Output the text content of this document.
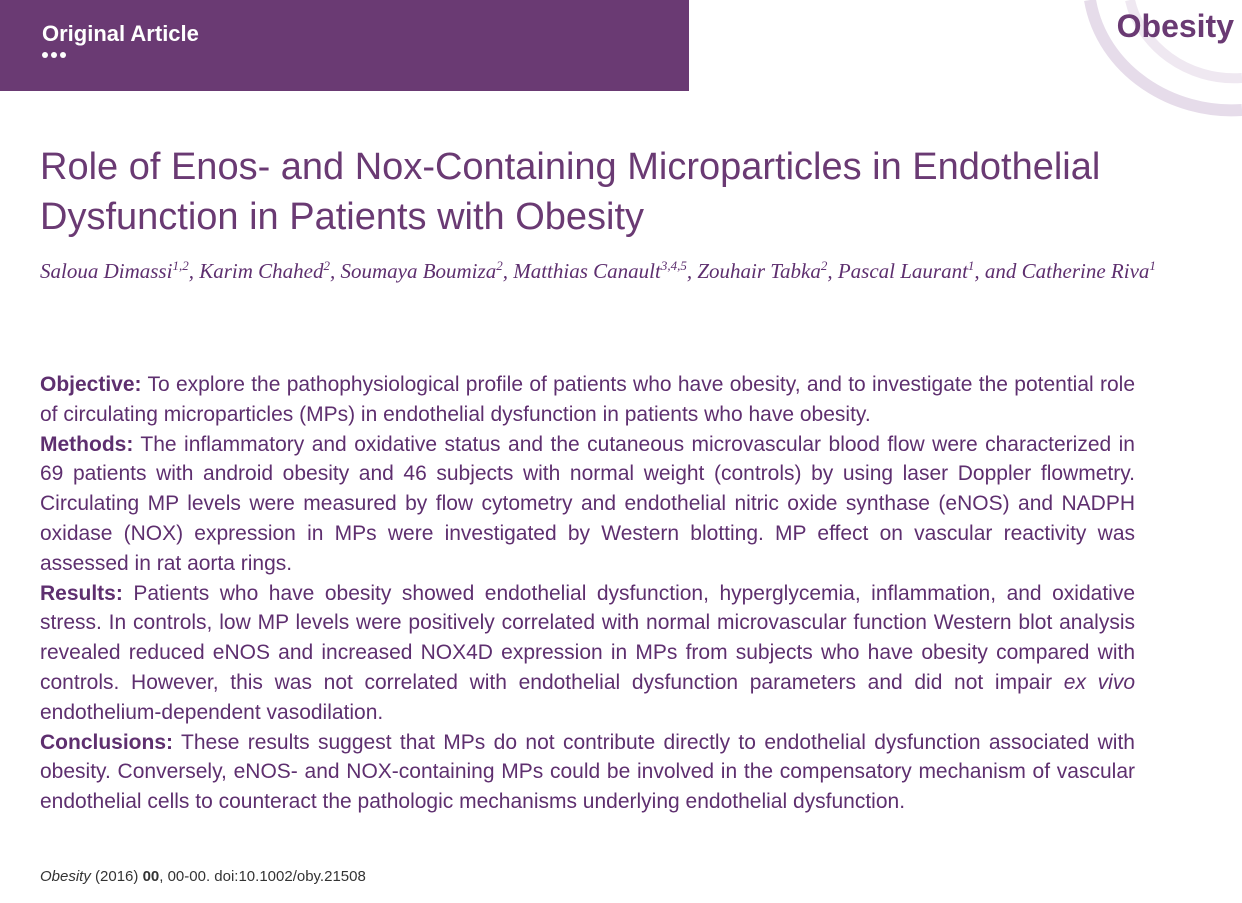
Original Article	Obesity
Role of Enos- and Nox-Containing Microparticles in Endothelial Dysfunction in Patients with Obesity

Saloua Dimassi$^{1,2}$, Karim Chahed$^2$, Soumaya Boumiza$^2$, Matthias Canault$^{3,4,5}$, Zouhair Tabka$^2$, Pascal Laurant$^1$, and Catherine Riva$^1$

Objective: To explore the pathophysiological profile of patients who have obesity, and to investigate the potential role of circulating microparticles (MPs) in endothelial dysfunction in patients who have obesity.

Methods: The inflammatory and oxidative status and the cutaneous microvascular blood flow were characterized in 69 patients with android obesity and 46 subjects with normal weight (controls) by using laser Doppler flowmetry. Circulating MP levels were measured by flow cytometry and endothelial nitric oxide synthase (eNOS) and NADPH oxidase (NOX) expression in MPs were investigated by Western blotting. MP effect on vascular reactivity was assessed in rat aorta rings.

Results: Patients who have obesity showed endothelial dysfunction, hyperglycemia, inflammation, and oxidative stress. In controls, low MP levels were positively correlated with normal microvascular function Western blot analysis revealed reduced eNOS and increased NOX4D expression in MPs from subjects who have obesity compared with controls. However, this was not correlated with endothelial dysfunction parameters and did not impair ex vivo endothelium-dependent vasodilation.

Conclusions: These results suggest that MPs do not contribute directly to endothelial dysfunction associated with obesity. Conversely, eNOS- and NOX-containing MPs could be involved in the compensatory mechanism of vascular endothelial cells to counteract the pathologic mechanisms underlying endothelial dysfunction.

Obesity (2016) 00, 00-00. doi:10.1002/oby.21508
